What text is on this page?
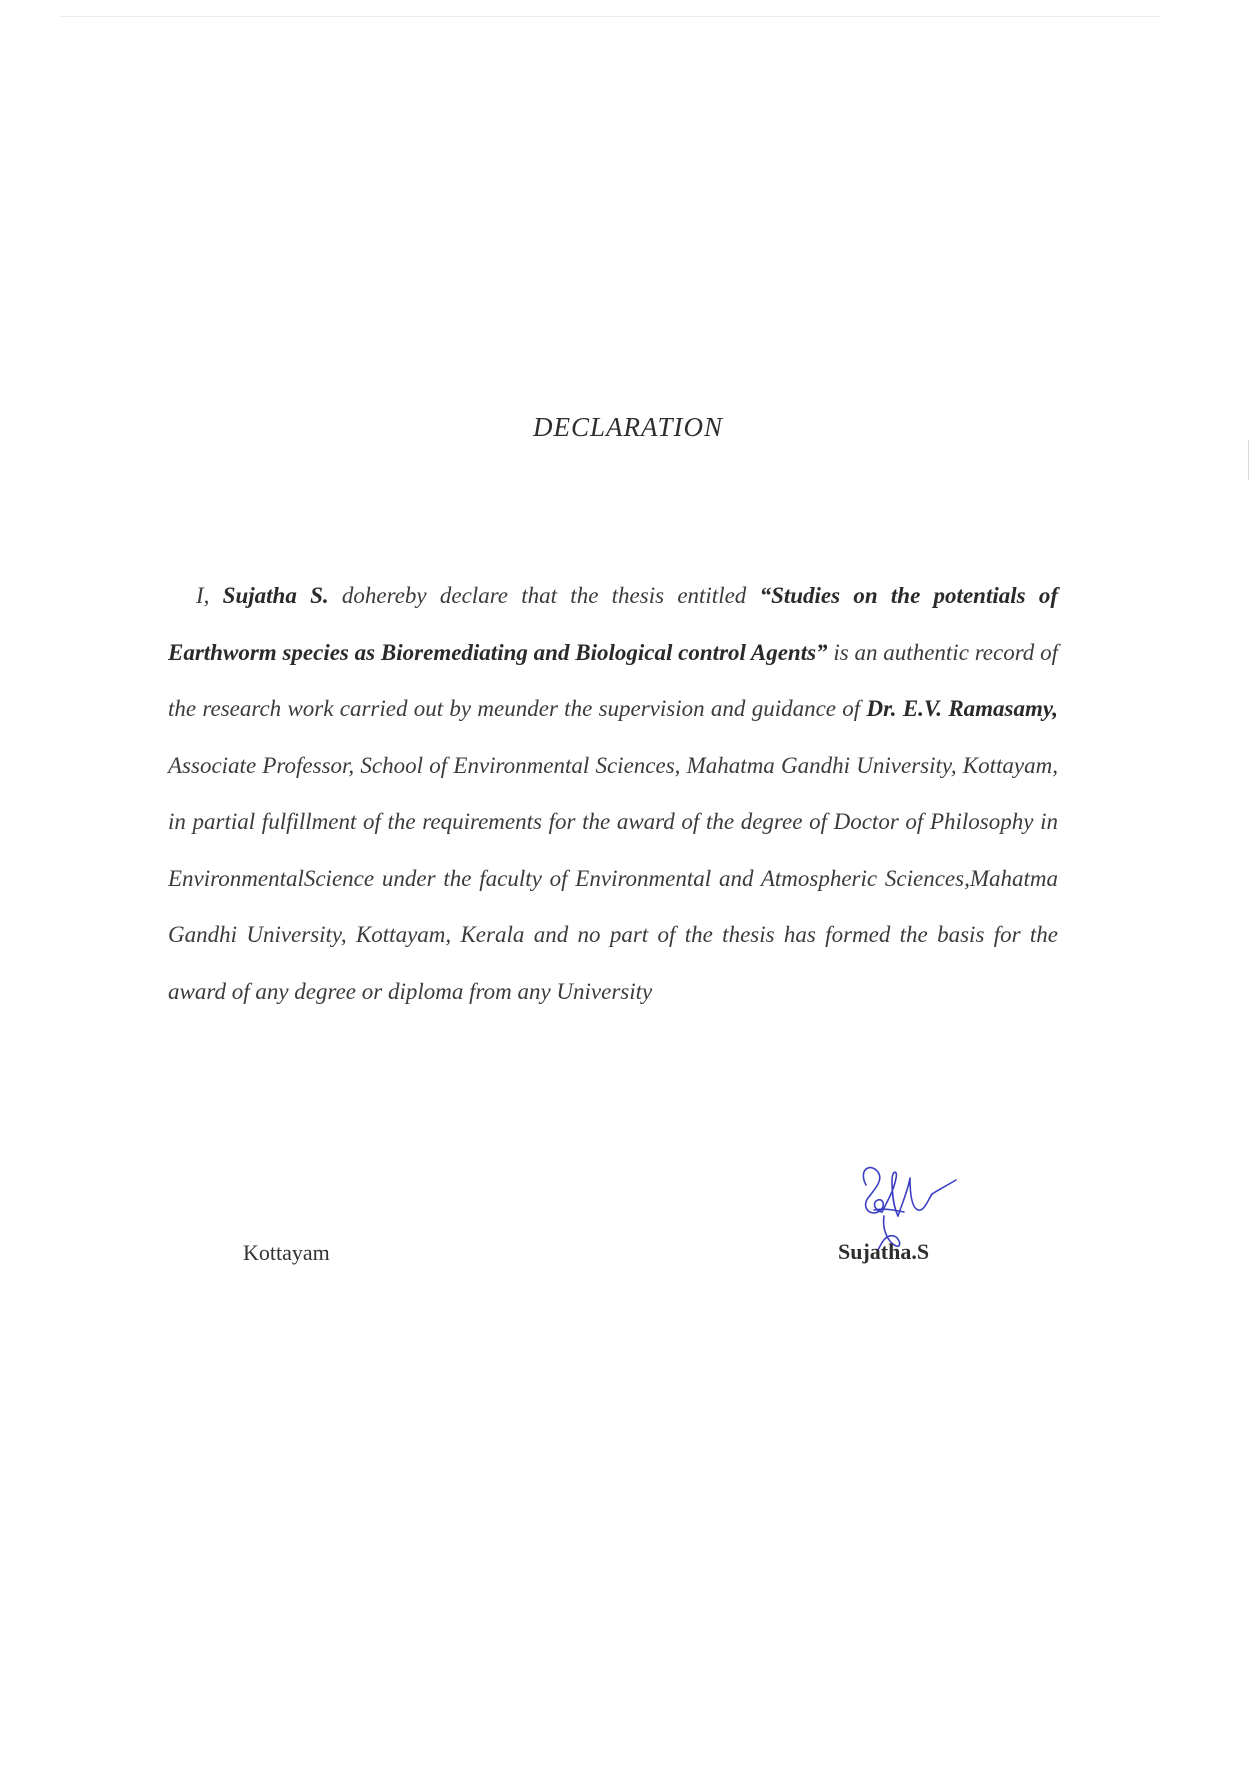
DECLARATION
I, Sujatha S. dohereby declare that the thesis entitled “Studies on the potentials of Earthworm species as Bioremediating and Biological control Agents” is an authentic record of the research work carried out by meunder the supervision and guidance of Dr. E.V. Ramasamy, Associate Professor, School of Environmental Sciences, Mahatma Gandhi University, Kottayam, in partial fulfillment of the requirements for the award of the degree of Doctor of Philosophy in EnvironmentalScience under the faculty of Environmental and Atmospheric Sciences,Mahatma Gandhi University, Kottayam, Kerala and no part of the thesis has formed the basis for the award of any degree or diploma from any University
Kottayam	Sujatha.S
